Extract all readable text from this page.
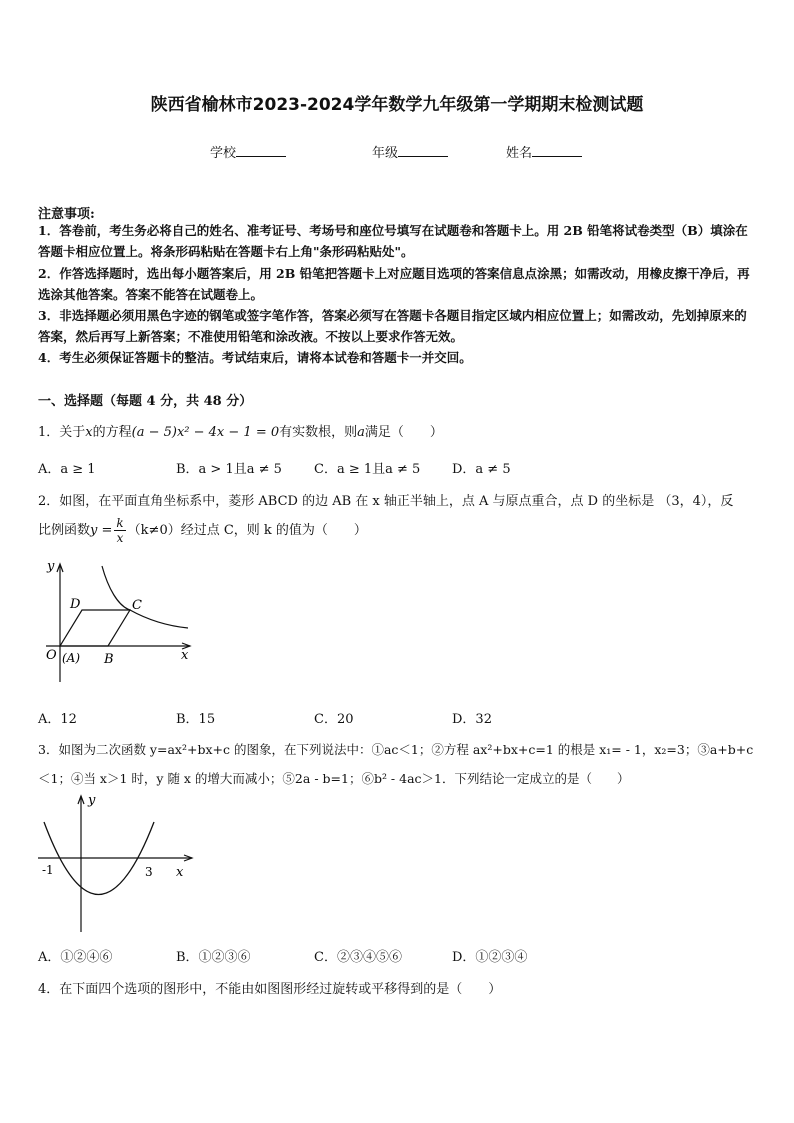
陕西省榆林市2023-2024学年数学九年级第一学期期末检测试题
学校	年级	姓名
注意事项:
1．答卷前，考生务必将自己的姓名、准考证号、考场号和座位号填写在试题卷和答题卡上。用 2B 铅笔将试卷类型（B）填涂在答题卡相应位置上。将条形码粘贴在答题卡右上角"条形码粘贴处"。
2．作答选择题时，选出每小题答案后，用 2B 铅笔把答题卡上对应题目选项的答案信息点涂黑；如需改动，用橡皮擦干净后，再选涂其他答案。答案不能答在试题卷上。
3．非选择题必须用黑色字迹的钢笔或签字笔作答，答案必须写在答题卡各题目指定区域内相应位置上；如需改动，先划掉原来的答案，然后再写上新答案；不准使用铅笔和涂改液。不按以上要求作答无效。
4．考生必须保证答题卡的整洁。考试结束后，请将本试卷和答题卡一并交回。
一、选择题（每题 4 分，共 48 分）
1．关于x的方程(a − 5)x² − 4x − 1 = 0有实数根，则a满足（　　）
A．a ≥ 1	B．a > 1且a ≠ 5 C．a ≥ 1且a ≠ 5 D．a ≠ 5
2．如图，在平面直角坐标系中，菱形 ABCD 的边 AB 在 x 轴正半轴上，点 A 与原点重合，点 D 的坐标是 （3，4），反
比例函数$y = \frac{k}{x} (k\ne 0)$经过点 C，则 k 的值为（　　）
y
x
O (A) B
C
D
A．12	B．15	C．20	D．32
3．如图为二次函数 y=ax²+bx+c 的图象，在下列说法中：①ac＜1；②方程 ax²+bx+c=1 的根是 x₁= - 1，x₂=3；③a+b+c
＜1；④当 x＞1 时，y 随 x 的增大而减小；⑤2a - b=1；⑥b² - 4ac＞1．下列结论一定成立的是（　　）
y
x
-1	3
A．①②④⑥	B．①②③⑥	C．②③④⑤⑥	D．①②③④
4．在下面四个选项的图形中，不能由如图图形经过旋转或平移得到的是（　　）
